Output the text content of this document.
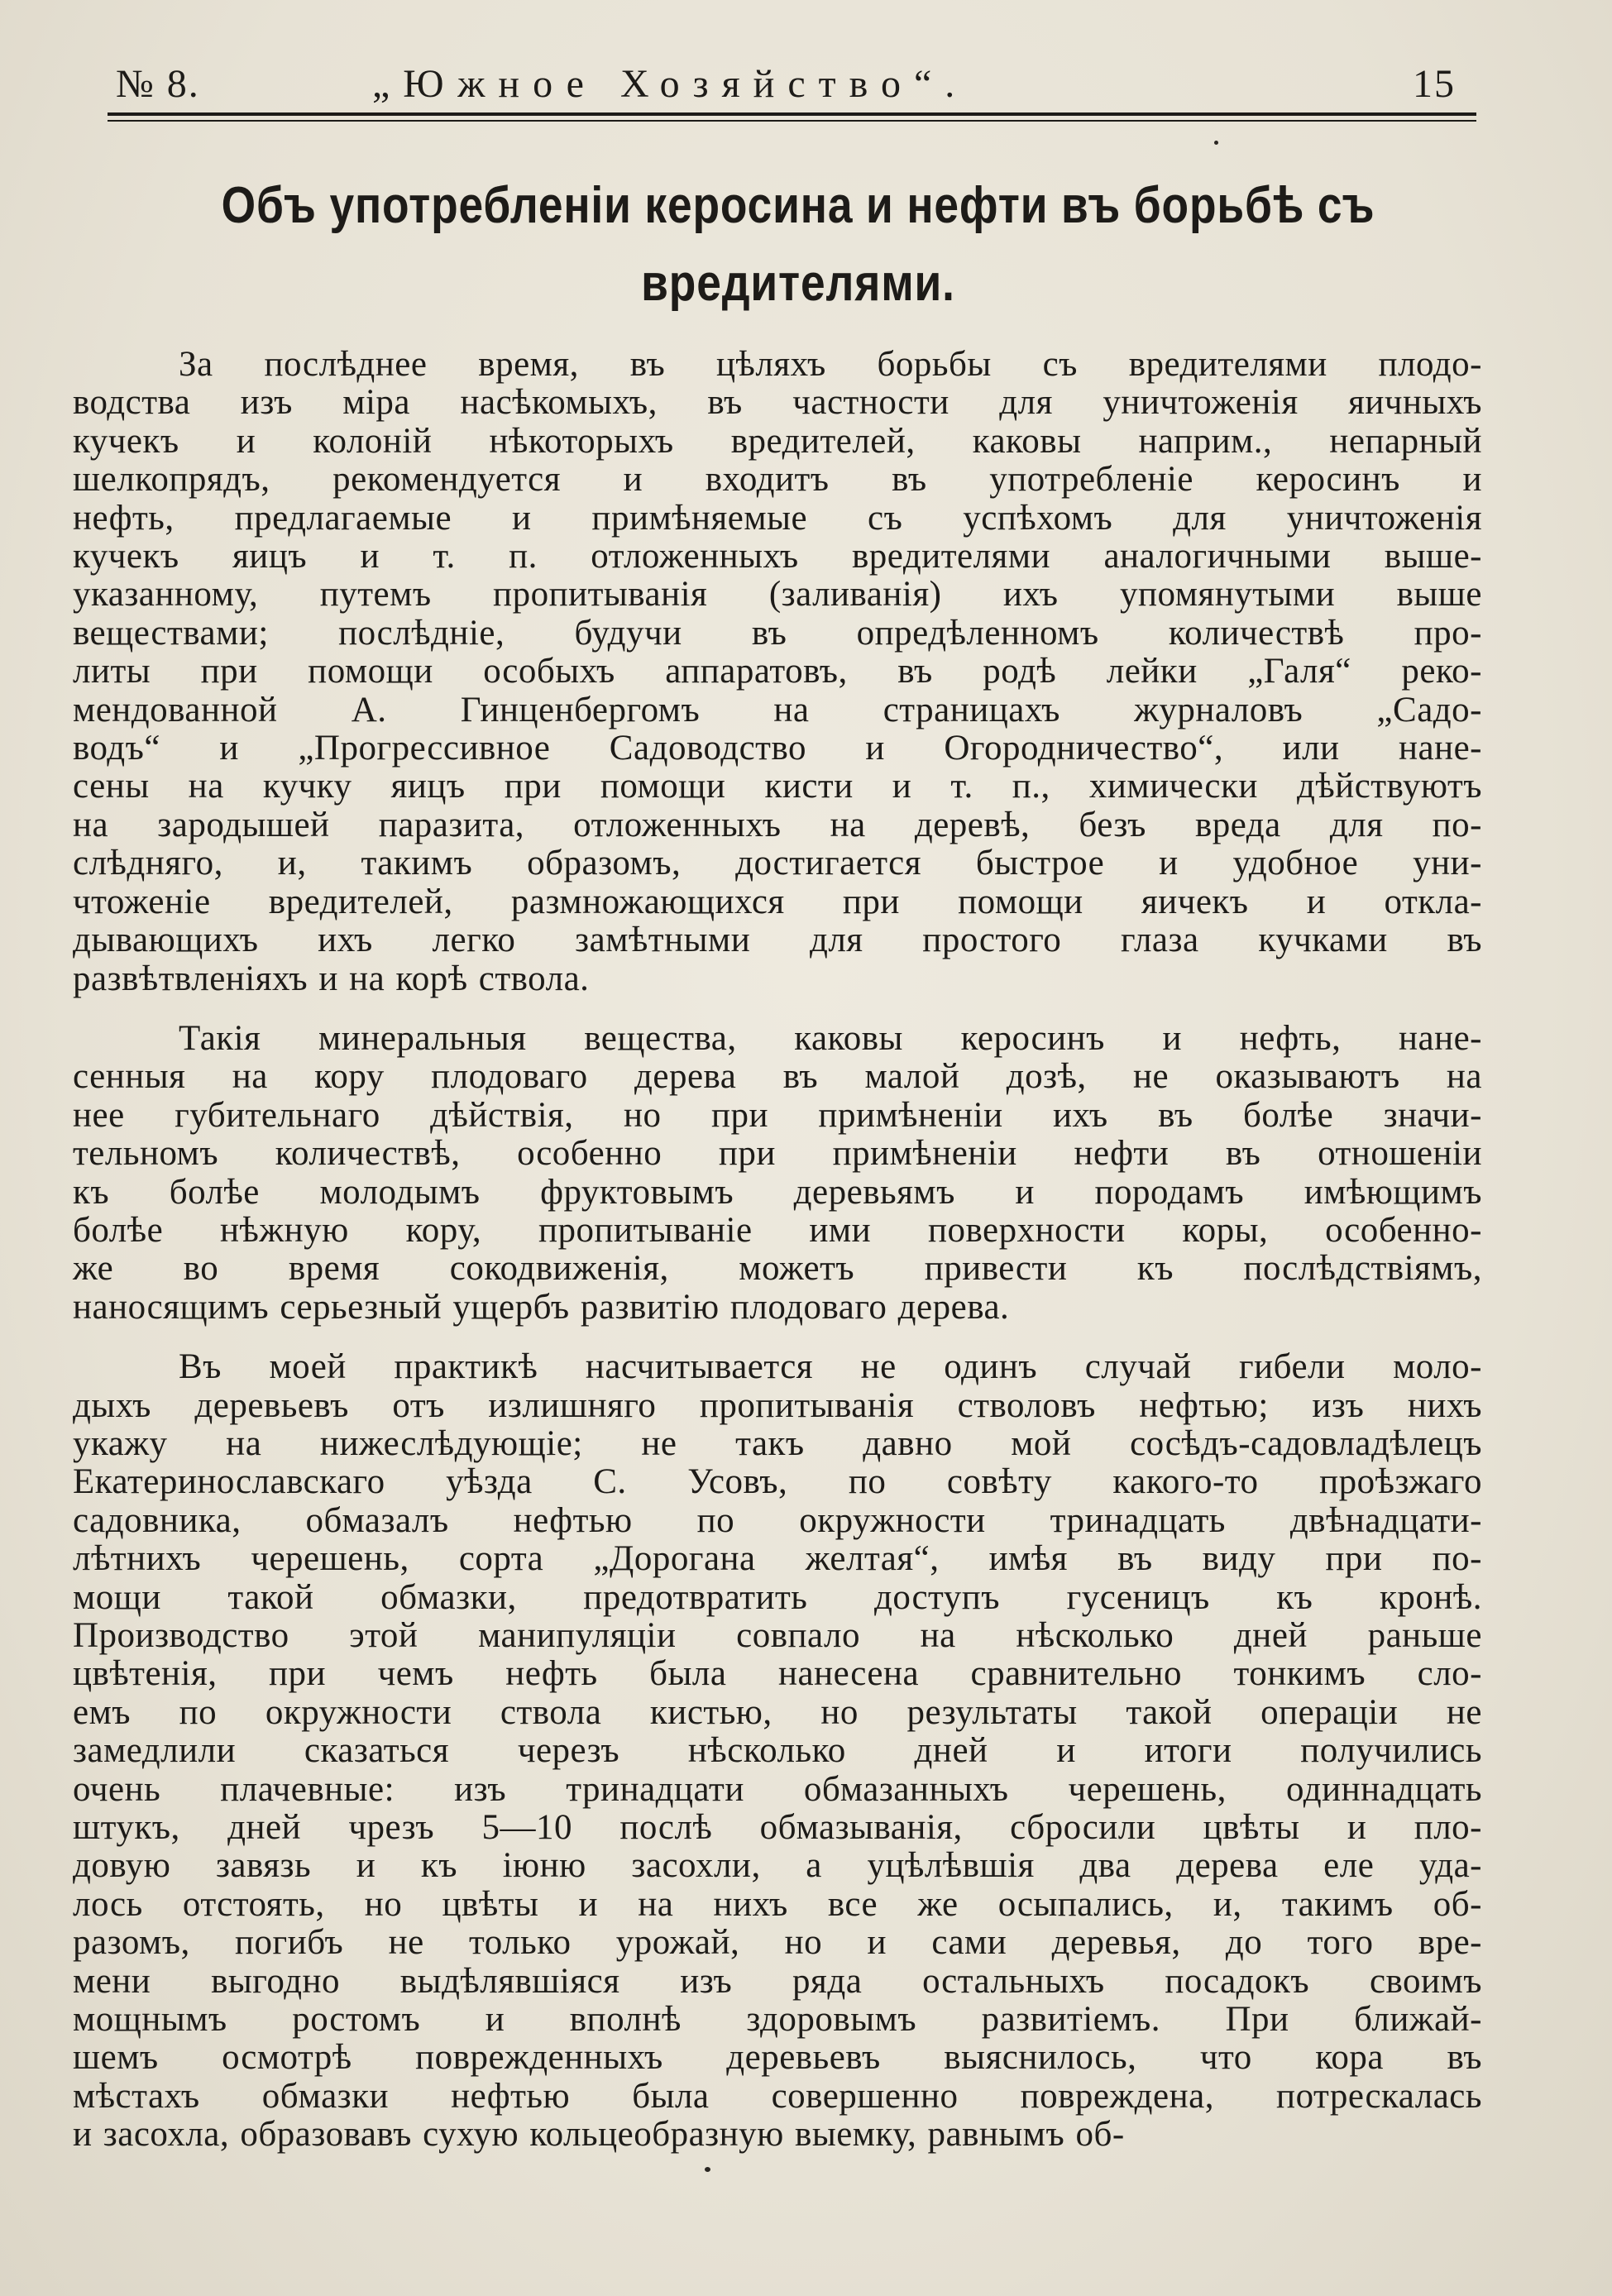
№ 8.	„Южное Хозяйство“.	15
Объ употребленiи керосина и нефти въ борьбѣ съ
вредителями.

За послѣднее время, въ цѣляхъ борьбы съ вредителями плодо-
водства изъ мiра насѣкомыхъ, въ частности для уничтоженiя яичныхъ
кучекъ и колонiй нѣкоторыхъ вредителей, каковы наприм., непарный
шелкопрядъ, рекомендуется и входитъ въ употребленiе керосинъ и
нефть, предлагаемые и примѣняемые съ успѣхомъ для уничтоженiя
кучекъ яицъ и т. п. отложенныхъ вредителями аналогичными выше-
указанному, путемъ пропитыванiя (заливанiя) ихъ упомянутыми выше
веществами; послѣднiе, будучи въ опредѣленномъ количествѣ про-
литы при помощи особыхъ аппаратовъ, въ родѣ лейки „Галя“ реко-
мендованной А. Гинценбергомъ на страницахъ журналовъ „Садо-
водъ“ и „Прогрессивное Садоводство и Огородничество“, или нане-
сены на кучку яицъ при помощи кисти и т. п., химически дѣйствуютъ
на зародышей паразита, отложенныхъ на деревѣ, безъ вреда для по-
слѣдняго, и, такимъ образомъ, достигается быстрое и удобное уни-
чтоженiе вредителей, размножающихся при помощи яичекъ и откла-
дывающихъ ихъ легко замѣтными для простого глаза кучками въ
развѣтвленiяхъ и на корѣ ствола.

Такiя минеральныя вещества, каковы керосинъ и нефть, нане-
сенныя на кору плодоваго дерева въ малой дозѣ, не оказываютъ на
нее губительнаго дѣйствiя, но при примѣненiи ихъ въ болѣе значи-
тельномъ количествѣ, особенно при примѣненiи нефти въ отношенiи
къ болѣе молодымъ фруктовымъ деревьямъ и породамъ имѣющимъ
болѣе нѣжную кору, пропитыванiе ими поверхности коры, особенно-
же во время сокодвиженiя, можетъ привести къ послѣдствiямъ,
наносящимъ серьезный ущербъ развитiю плодоваго дерева.

Въ моей практикѣ насчитывается не одинъ случай гибели моло-
дыхъ деревьевъ отъ излишняго пропитыванiя стволовъ нефтью; изъ нихъ
укажу на нижеслѣдующiе; не такъ давно мой сосѣдъ-садовладѣлецъ
Екатеринославскаго уѣзда С. Усовъ, по совѣту какого-то проѣзжаго
садовника, обмазалъ нефтью по окружности тринадцать двѣнадцати-
лѣтнихъ черешень, сорта „Дорогана желтая“, имѣя въ виду при по-
мощи такой обмазки, предотвратить доступъ гусеницъ къ кронѣ.
Производство этой манипуляцiи совпало на нѣсколько дней раньше
цвѣтенiя, при чемъ нефть была нанесена сравнительно тонкимъ сло-
емъ по окружности ствола кистью, но результаты такой операцiи не
замедлили сказаться черезъ нѣсколько дней и итоги получились
очень плачевные: изъ тринадцати обмазанныхъ черешень, одиннадцать
штукъ, дней чрезъ 5—10 послѣ обмазыванiя, сбросили цвѣты и пло-
довую завязь и къ iюню засохли, а уцѣлѣвшiя два дерева еле уда-
лось отстоять, но цвѣты и на нихъ все же осыпались, и, такимъ об-
разомъ, погибъ не только урожай, но и сами деревья, до того вре-
мени выгодно выдѣлявшiяся изъ ряда остальныхъ посадокъ своимъ
мощнымъ ростомъ и вполнѣ здоровымъ развитiемъ. При ближай-
шемъ осмотрѣ поврежденныхъ деревьевъ выяснилось, что кора въ
мѣстахъ обмазки нефтью была совершенно повреждена, потрескалась
и засохла, образовавъ сухую кольцеобразную выемку, равнымъ об-
